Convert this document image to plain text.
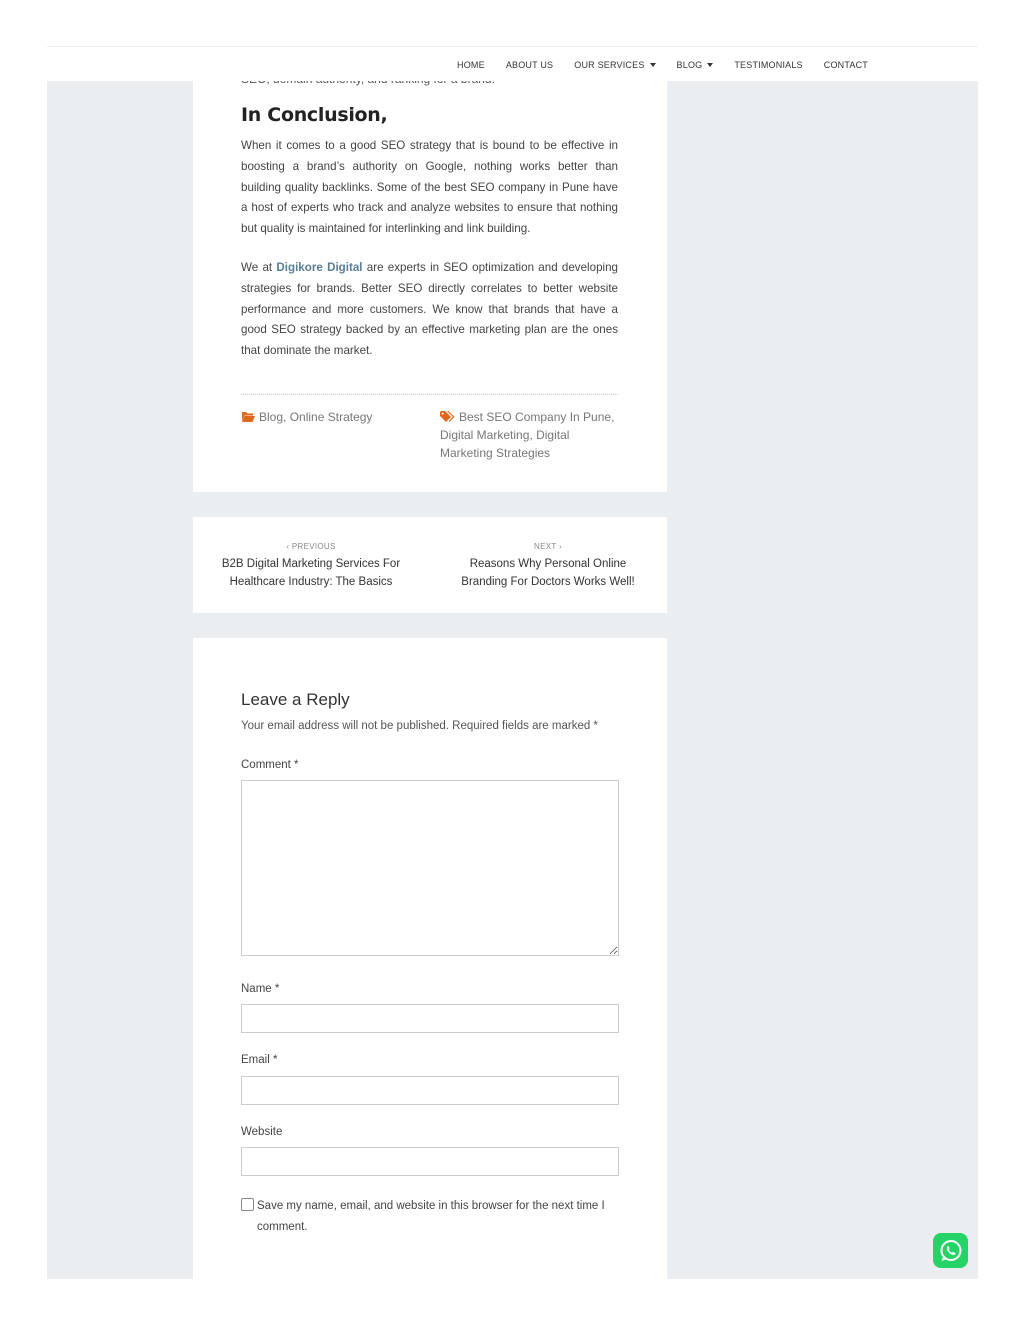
HOME ABOUT US OUR SERVICES	BLOG	TESTIMONIALS CONTACT
In Conclusion,

When it comes to a good SEO strategy that is bound to be effective in boosting a brand’s authority on Google, nothing works better than building quality backlinks. Some of the best SEO company in Pune have a host of experts who track and analyze websites to ensure that nothing but quality is maintained for interlinking and link building.

We at Digikore Digital are experts in SEO optimization and developing strategies for brands. Better SEO directly correlates to better website performance and more customers. We know that brands that have a good SEO strategy backed by an effective marketing plan are the ones that dominate the market.

Blog, Online Strategy	Best SEO Company In Pune,
Digital Marketing, Digital Marketing Strategies
‹ PREVIOUS
B2B Digital Marketing Services For Healthcare Industry: The Basics
NEXT ›
Reasons Why Personal Online Branding For Doctors Works Well!
Leave a Reply

Your email address will not be published. Required fields are marked *

Comment *
Name *
Email *
Website
Save my name, email, and website in this browser for the next time I comment.
